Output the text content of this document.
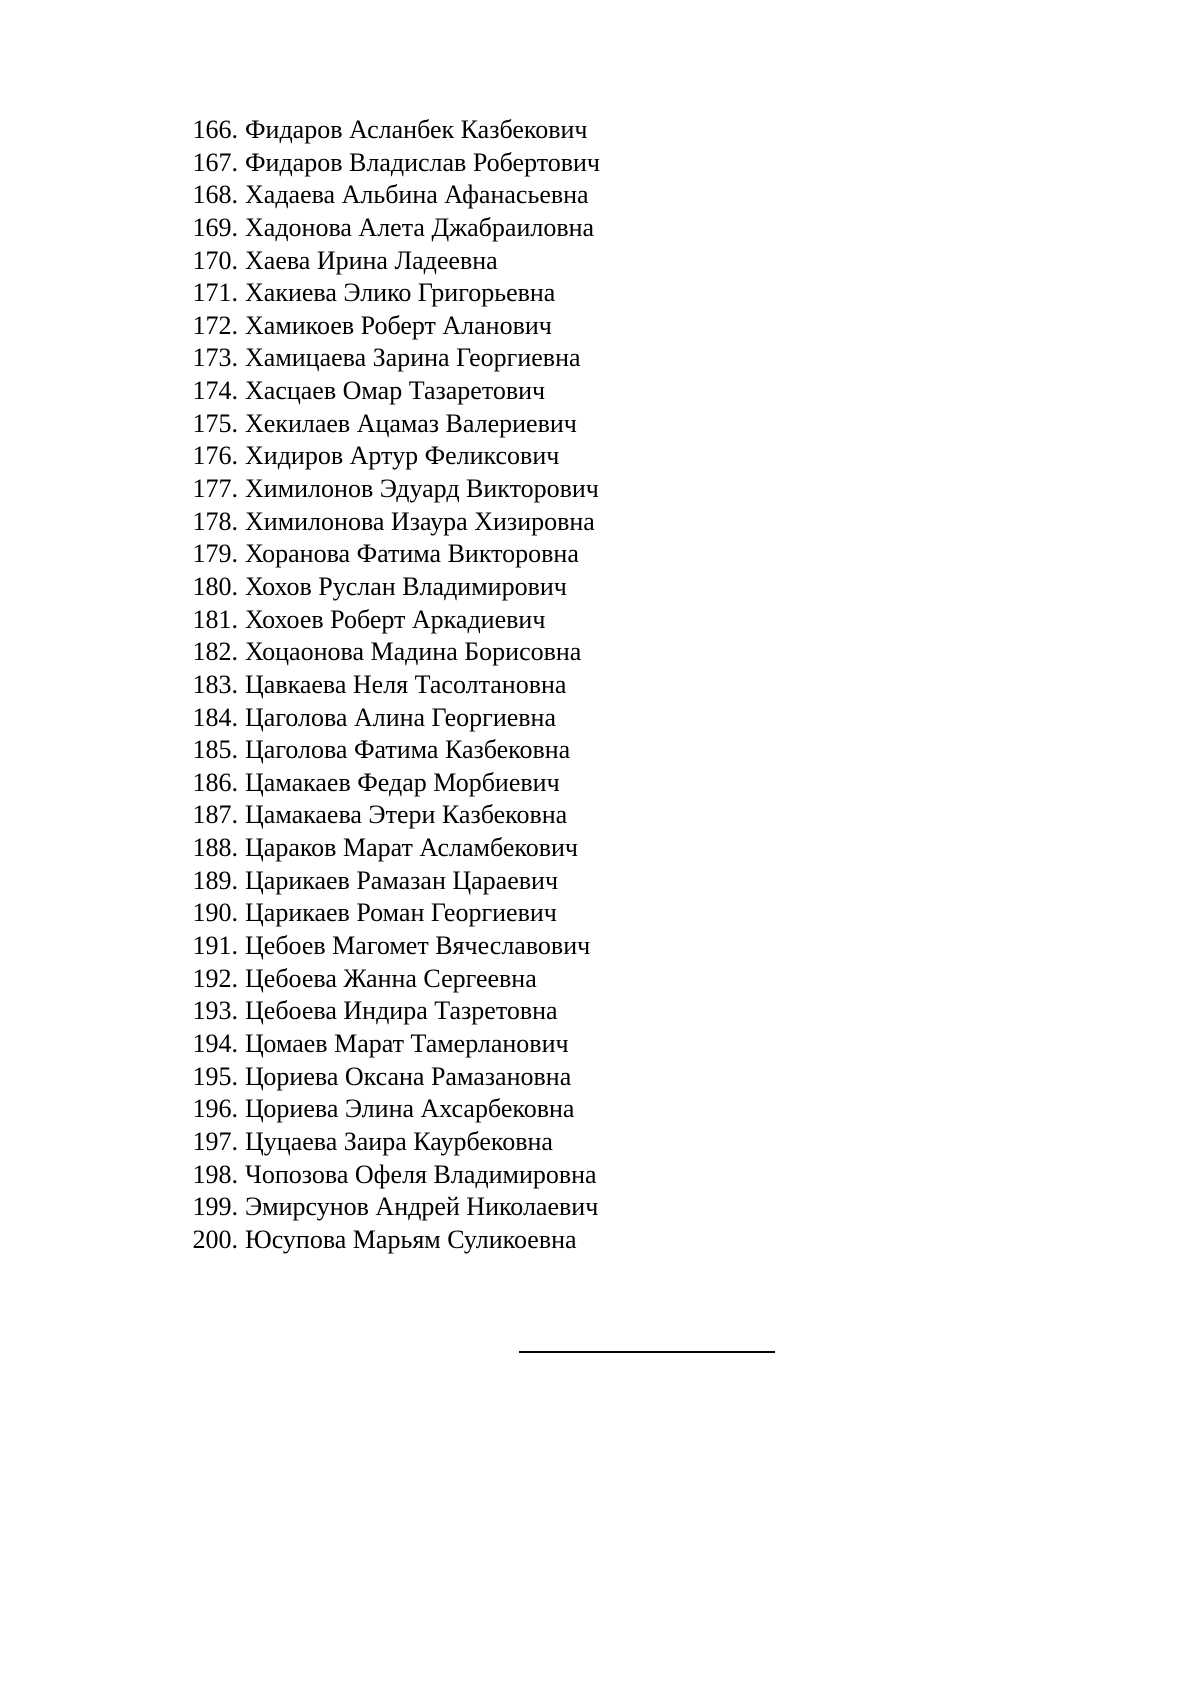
166. Фидаров Асланбек Казбекович
167. Фидаров Владислав Робертович
168. Хадаева Альбина Афанасьевна
169. Хадонова Алета Джабраиловна
170. Хаева Ирина Ладеевна
171. Хакиева Элико Григорьевна
172. Хамикоев Роберт Аланович
173. Хамицаева Зарина Георгиевна
174. Хасцаев Омар Тазаретович
175. Хекилаев Ацамаз Валериевич
176. Хидиров Артур Феликсович
177. Химилонов Эдуард Викторович
178. Химилонова Изаура Хизировна
179. Хоранова Фатима Викторовна
180. Хохов Руслан Владимирович
181. Хохоев Роберт Аркадиевич
182. Хоцаонова Мадина Борисовна
183. Цавкаева Неля Тасолтановна
184. Цаголова Алина Георгиевна
185. Цаголова Фатима Казбековна
186. Цамакаев Федар Морбиевич
187. Цамакаева Этери Казбековна
188. Цараков Марат Асламбекович
189. Царикаев Рамазан Цараевич
190. Царикаев Роман Георгиевич
191. Цебоев Магомет Вячеславович
192. Цебоева Жанна Сергеевна
193. Цебоева Индира Тазретовна
194. Цомаев Марат Тамерланович
195. Цориева Оксана Рамазановна
196. Цориева Элина Ахсарбековна
197. Цуцаева Заира Каурбековна
198. Чопозова Офеля Владимировна
199. Эмирсунов Андрей Николаевич
200. Юсупова Марьям Суликоевна
